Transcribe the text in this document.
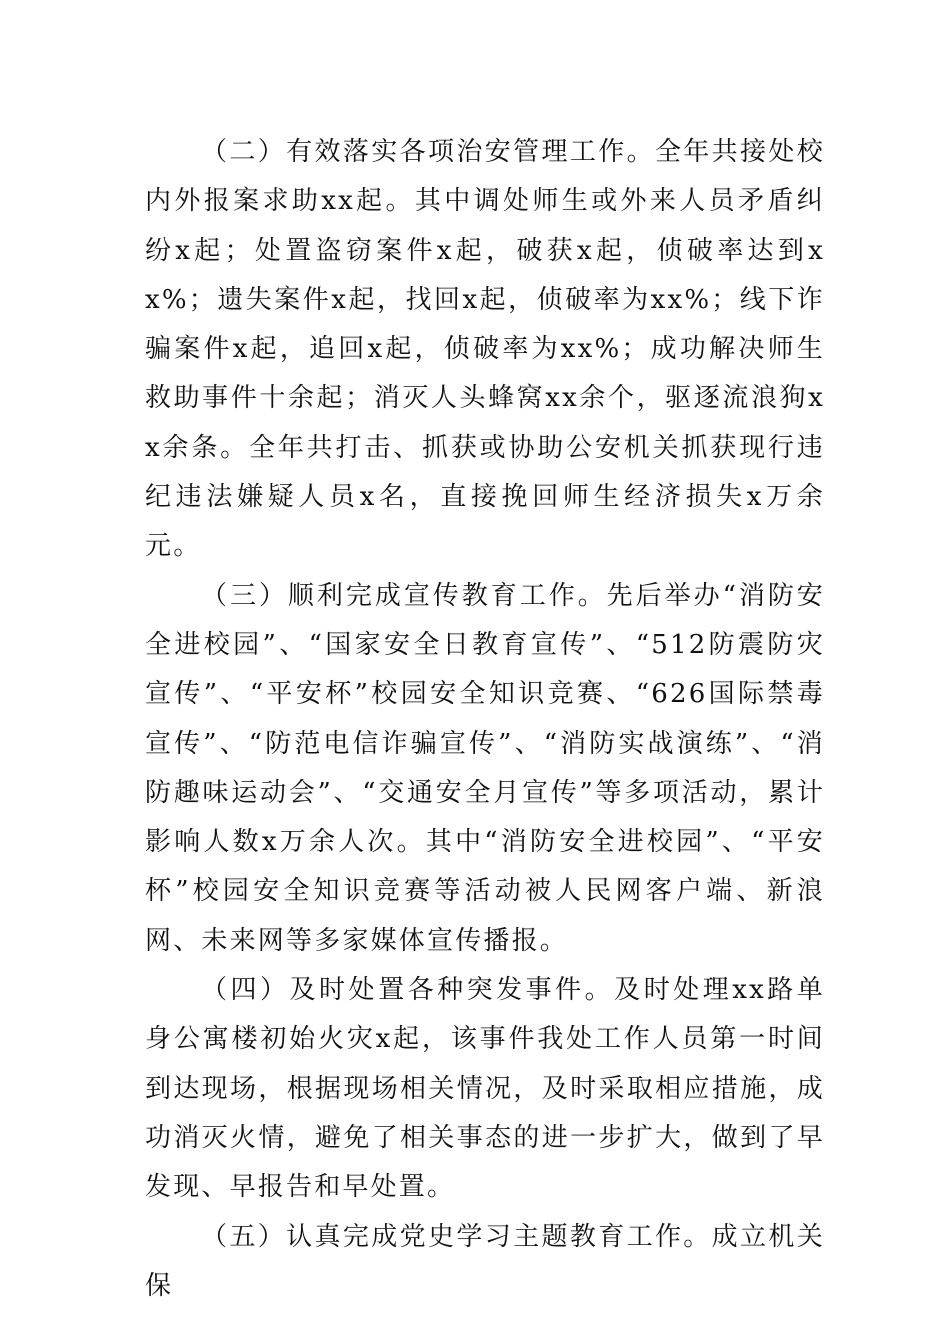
（二）有效落实各项治安管理工作。全年共接处校内外报案求助xx起。其中调处师生或外来人员矛盾纠纷x起；处置盗窃案件x起，破获x起，侦破率达到xx%；遗失案件x起，找回x起，侦破率为xx%；线下诈骗案件x起，追回x起，侦破率为xx%；成功解决师生救助事件十余起；消灭人头蜂窝xx余个，驱逐流浪狗xx余条。全年共打击、抓获或协助公安机关抓获现行违纪违法嫌疑人员x名，直接挽回师生经济损失x万余元。

（三）顺利完成宣传教育工作。先后举办“消防安全进校园”、“国家安全日教育宣传”、“512防震防灾宣传”、“平安杯”校园安全知识竞赛、“626国际禁毒宣传”、“防范电信诈骗宣传”、“消防实战演练”、“消防趣味运动会”、“交通安全月宣传”等多项活动，累计影响人数x万余人次。其中“消防安全进校园”、“平安杯”校园安全知识竞赛等活动被人民网客户端、新浪网、未来网等多家媒体宣传播报。

（四）及时处置各种突发事件。及时处理xx路单身公寓楼初始火灾x起，该事件我处工作人员第一时间到达现场，根据现场相关情况，及时采取相应措施，成功消灭火情，避免了相关事态的进一步扩大，做到了早发现、早报告和早处置。

（五）认真完成党史学习主题教育工作。成立机关保
